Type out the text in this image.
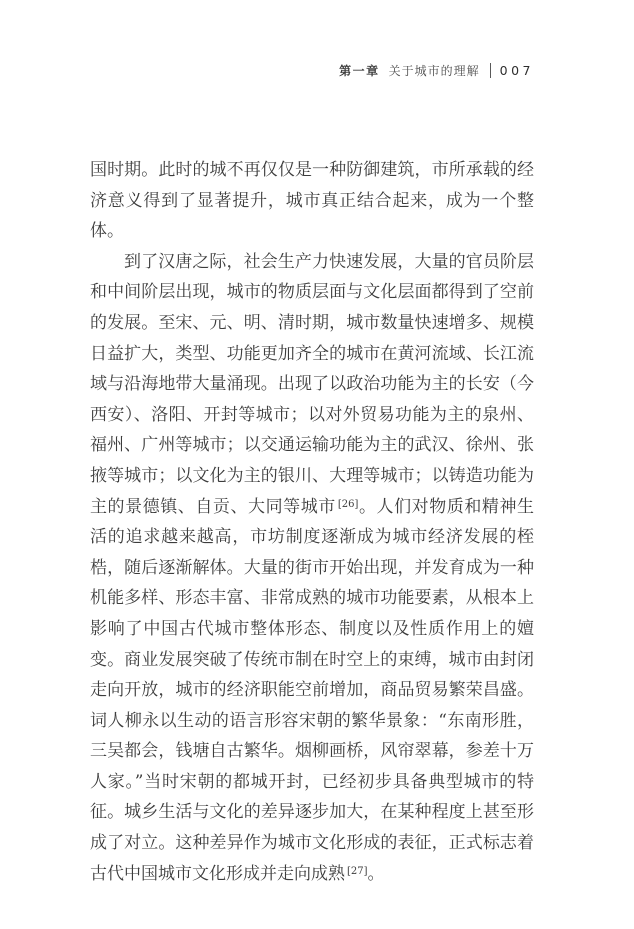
第一章 关于城市的理解 007

国时期。此时的城不再仅仅是一种防御建筑，市所承载的经济意义得到了显著提升，城市真正结合起来，成为一个整体。

到了汉唐之际，社会生产力快速发展，大量的官员阶层和中间阶层出现，城市的物质层面与文化层面都得到了空前的发展。至宋、元、明、清时期，城市数量快速增多、规模日益扩大，类型、功能更加齐全的城市在黄河流域、长江流域与沿海地带大量涌现。出现了以政治功能为主的长安（今西安）、洛阳、开封等城市；以对外贸易功能为主的泉州、福州、广州等城市；以交通运输功能为主的武汉、徐州、张掖等城市；以文化为主的银川、大理等城市；以铸造功能为主的景德镇、自贡、大同等城市 [26]。人们对物质和精神生活的追求越来越高，市坊制度逐渐成为城市经济发展的桎梏，随后逐渐解体。大量的街市开始出现，并发育成为一种机能多样、形态丰富、非常成熟的城市功能要素，从根本上影响了中国古代城市整体形态、制度以及性质作用上的嬗变。商业发展突破了传统市制在时空上的束缚，城市由封闭走向开放，城市的经济职能空前增加，商品贸易繁荣昌盛。词人柳永以生动的语言形容宋朝的繁华景象：“东南形胜，三吴都会，钱塘自古繁华。烟柳画桥，风帘翠幕，参差十万人家。”当时宋朝的都城开封，已经初步具备典型城市的特征。城乡生活与文化的差异逐步加大，在某种程度上甚至形成了对立。这种差异作为城市文化形成的表征，正式标志着古代中国城市文化形成并走向成熟 [27]。
